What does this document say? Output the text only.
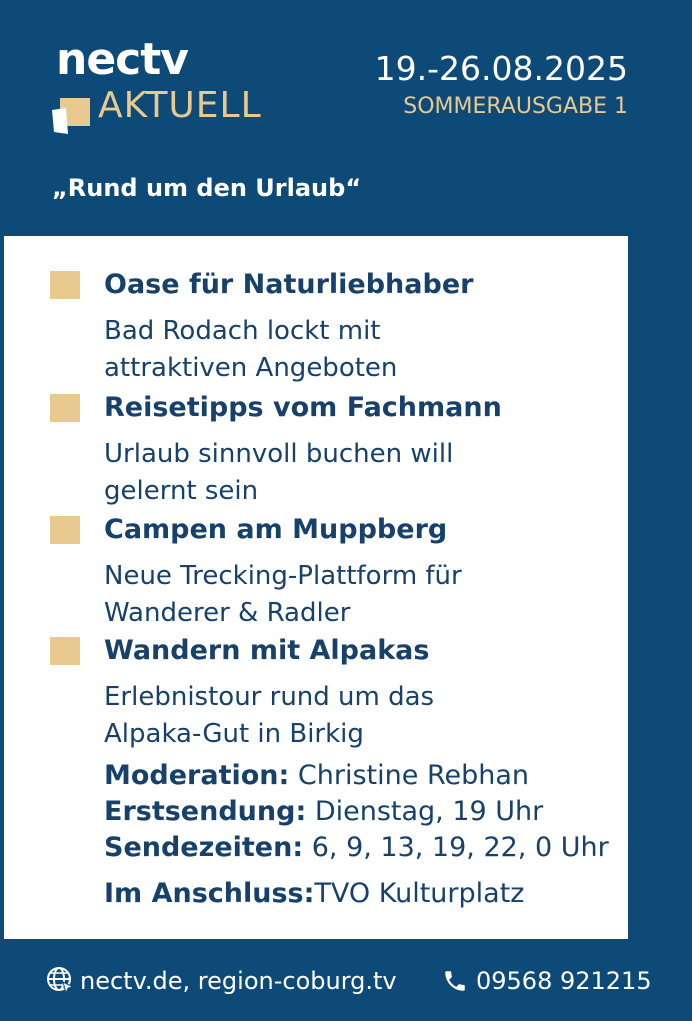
nectv
AKTUELL
19.-26.08.2025
SOMMERAUSGABE 1
„Rund um den Urlaub“
Oase für Naturliebhaber
Bad Rodach lockt mit
attraktiven Angeboten
Reisetipps vom Fachmann
Urlaub sinnvoll buchen will
gelernt sein
Campen am Muppberg
Neue Trecking-Plattform für
Wanderer & Radler
Wandern mit Alpakas
Erlebnistour rund um das
Alpaka-Gut in Birkig
Moderation: Christine Rebhan
Erstsendung: Dienstag, 19 Uhr
Sendezeiten: 6, 9, 13, 19, 22, 0 Uhr
Im Anschluss:TVO Kulturplatz
nectv.de, region-coburg.tv	09568 921215
